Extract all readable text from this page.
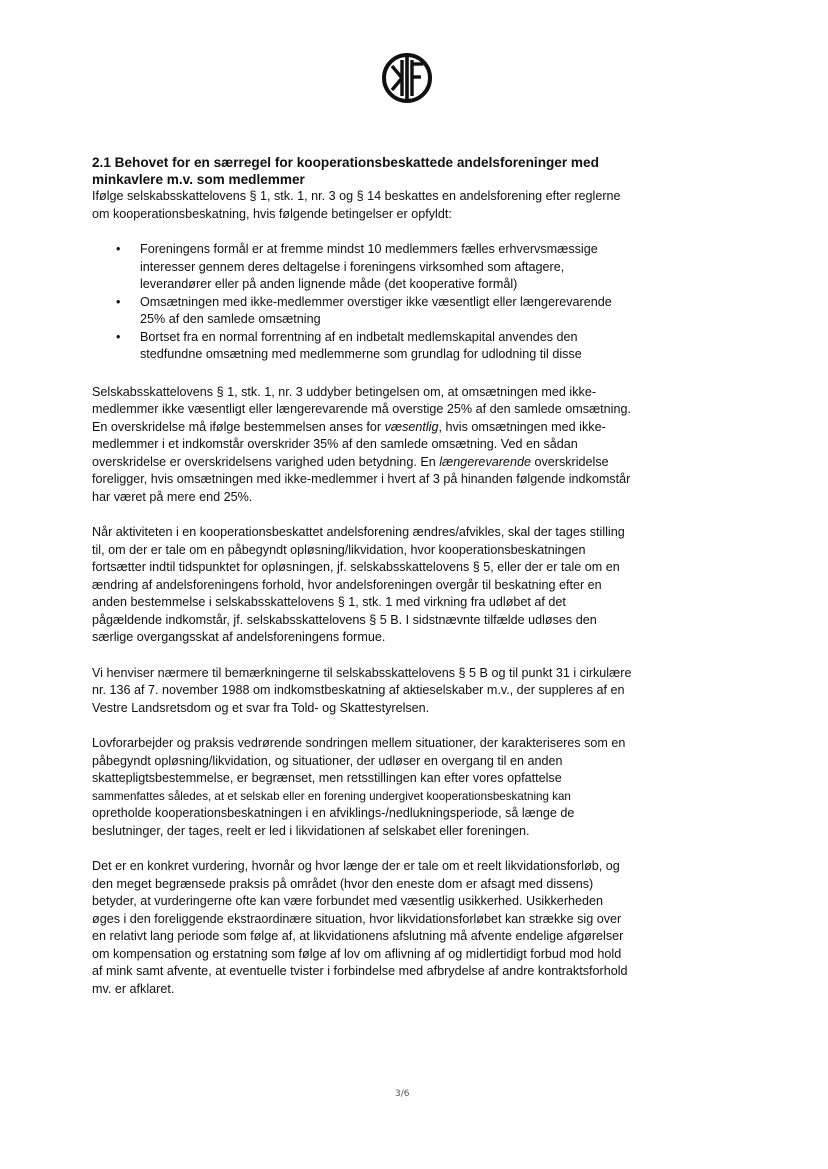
2.1 Behovet for en særregel for kooperationsbeskattede andelsforeninger med
minkavlere m.v. som medlemmer

Ifølge selskabsskattelovens § 1, stk. 1, nr. 3 og § 14 beskattes en andelsforening efter reglerne
om kooperationsbeskatning, hvis følgende betingelser er opfyldt:

• Foreningens formål er at fremme mindst 10 medlemmers fælles erhvervsmæssige
interesser gennem deres deltagelse i foreningens virksomhed som aftagere,
leverandører eller på anden lignende måde (det kooperative formål)
• Omsætningen med ikke-medlemmer overstiger ikke væsentligt eller længerevarende
25% af den samlede omsætning
• Bortset fra en normal forrentning af en indbetalt medlemskapital anvendes den
stedfundne omsætning med medlemmerne som grundlag for udlodning til disse

Selskabsskattelovens § 1, stk. 1, nr. 3 uddyber betingelsen om, at omsætningen med ikke-
medlemmer ikke væsentligt eller længerevarende må overstige 25% af den samlede omsætning.
En overskridelse må ifølge bestemmelsen anses for væsentlig, hvis omsætningen med ikke-
medlemmer i et indkomstår overskrider 35% af den samlede omsætning. Ved en sådan
overskridelse er overskridelsens varighed uden betydning. En længerevarende overskridelse
foreligger, hvis omsætningen med ikke-medlemmer i hvert af 3 på hinanden følgende indkomstår
har været på mere end 25%.

Når aktiviteten i en kooperationsbeskattet andelsforening ændres/afvikles, skal der tages stilling
til, om der er tale om en påbegyndt opløsning/likvidation, hvor kooperationsbeskatningen
fortsætter indtil tidspunktet for opløsningen, jf. selskabsskattelovens § 5, eller der er tale om en
ændring af andelsforeningens forhold, hvor andelsforeningen overgår til beskatning efter en
anden bestemmelse i selskabsskattelovens § 1, stk. 1 med virkning fra udløbet af det
pågældende indkomstår, jf. selskabsskattelovens § 5 B. I sidstnævnte tilfælde udløses den
særlige overgangsskat af andelsforeningens formue.

Vi henviser nærmere til bemærkningerne til selskabsskattelovens § 5 B og til punkt 31 i cirkulære
nr. 136 af 7. november 1988 om indkomstbeskatning af aktieselskaber m.v., der suppleres af en
Vestre Landsretsdom og et svar fra Told- og Skattestyrelsen.

Lovforarbejder og praksis vedrørende sondringen mellem situationer, der karakteriseres som en
påbegyndt opløsning/likvidation, og situationer, der udløser en overgang til en anden
skattepligtsbestemmelse, er begrænset, men retsstillingen kan efter vores opfattelse
sammenfattes således, at et selskab eller en forening undergivet kooperationsbeskatning kan
opretholde kooperationsbeskatningen i en afviklings-/nedlukningsperiode, så længe de
beslutninger, der tages, reelt er led i likvidationen af selskabet eller foreningen.

Det er en konkret vurdering, hvornår og hvor længe der er tale om et reelt likvidationsforløb, og
den meget begrænsede praksis på området (hvor den eneste dom er afsagt med dissens)
betyder, at vurderingerne ofte kan være forbundet med væsentlig usikkerhed. Usikkerheden
øges i den foreliggende ekstraordinære situation, hvor likvidationsforløbet kan strække sig over
en relativt lang periode som følge af, at likvidationens afslutning må afvente endelige afgørelser
om kompensation og erstatning som følge af lov om aflivning af og midlertidigt forbud mod hold
af mink samt afvente, at eventuelle tvister i forbindelse med afbrydelse af andre kontraktsforhold
mv. er afklaret.

3/6
